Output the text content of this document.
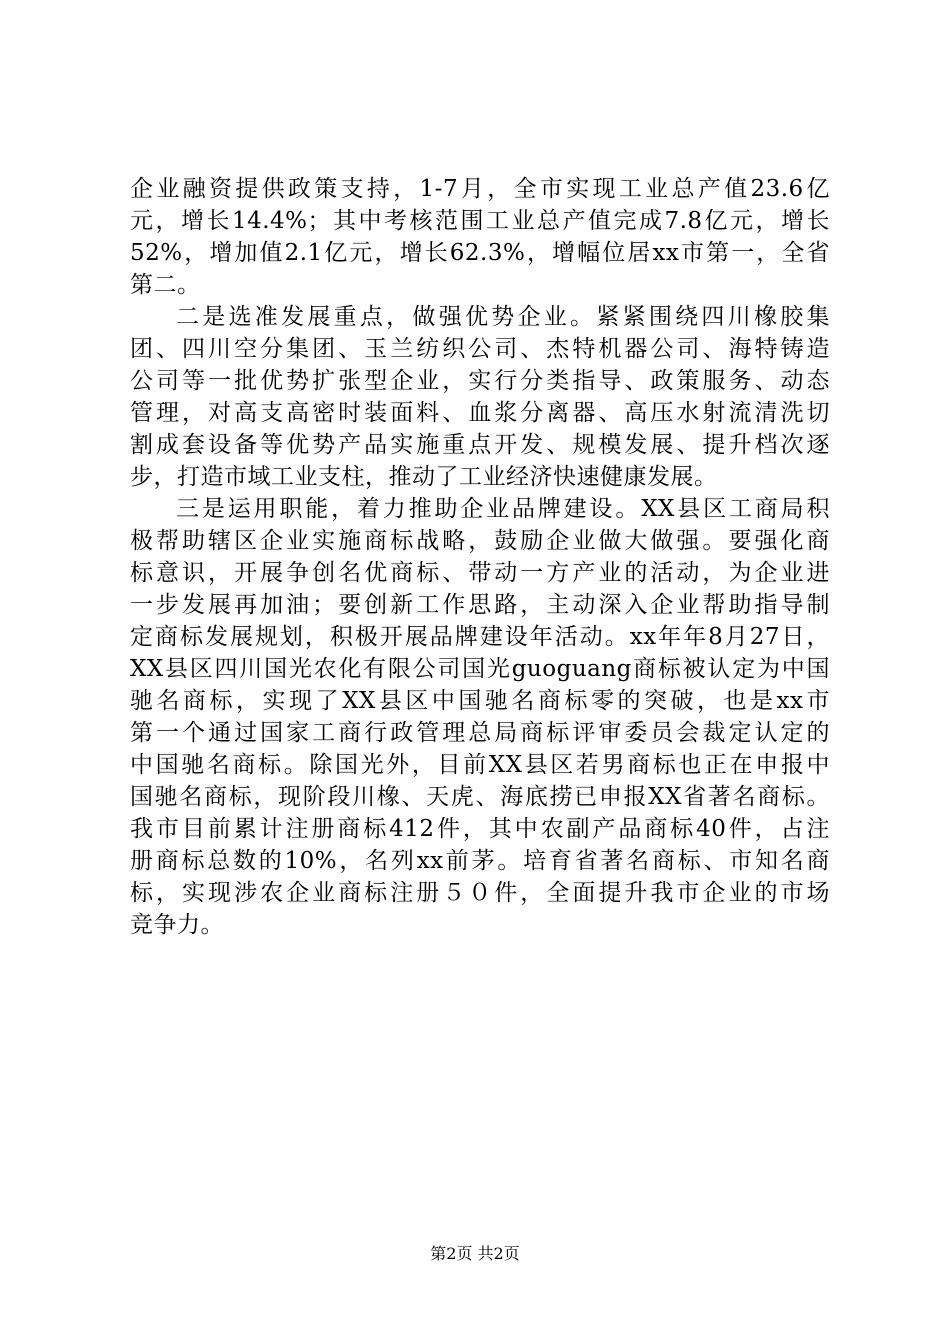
企业融资提供政策支持，1-7月，全市实现工业总产值23.6亿
元，增长14.4%；其中考核范围工业总产值完成7.8亿元，增长
52%，增加值2.1亿元，增长62.3%，增幅位居xx市第一，全省
第二。
二是选准发展重点，做强优势企业。紧紧围绕四川橡胶集
团、四川空分集团、玉兰纺织公司、杰特机器公司、海特铸造
公司等一批优势扩张型企业，实行分类指导、政策服务、动态
管理，对高支高密时装面料、血浆分离器、高压水射流清洗切
割成套设备等优势产品实施重点开发、规模发展、提升档次逐
步，打造市域工业支柱，推动了工业经济快速健康发展。
三是运用职能，着力推助企业品牌建设。XX县区工商局积
极帮助辖区企业实施商标战略，鼓励企业做大做强。要强化商
标意识，开展争创名优商标、带动一方产业的活动，为企业进
一步发展再加油；要创新工作思路，主动深入企业帮助指导制
定商标发展规划，积极开展品牌建设年活动。xx年年8月27日，
XX县区四川国光农化有限公司国光guoguang商标被认定为中国
驰名商标，实现了XX县区中国驰名商标零的突破，也是xx市
第一个通过国家工商行政管理总局商标评审委员会裁定认定的
中国驰名商标。除国光外，目前XX县区若男商标也正在申报中
国驰名商标，现阶段川橡、天虎、海底捞已申报XX省著名商标。
我市目前累计注册商标412件，其中农副产品商标40件，占注
册商标总数的10%，名列xx前茅。培育省著名商标、市知名商
标，实现涉农企业商标注册５０件，全面提升我市企业的市场
竞争力。
第2页 共2页
